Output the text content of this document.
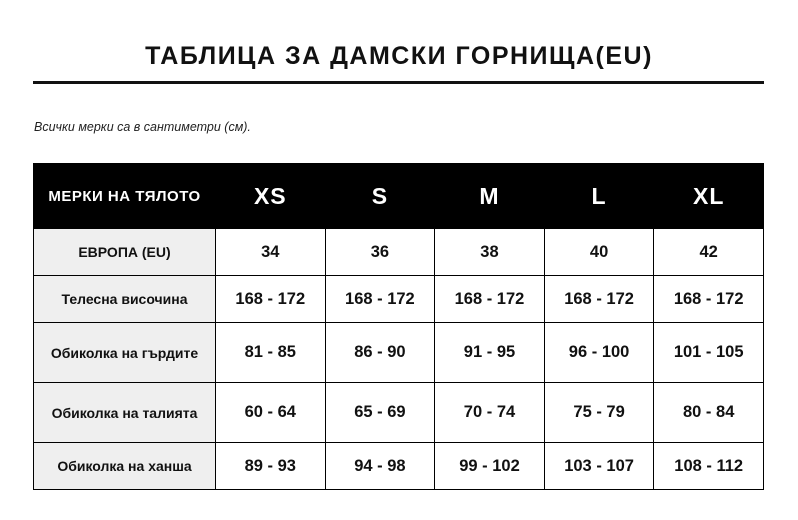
ТАБЛИЦА ЗА ДАМСКИ ГОРНИЩА(EU)
Всички мерки са в сантиметри (см).
МЕРКИ НА ТЯЛОТО	XS	S	M	L	XL
ЕВРОПА (EU)	34	36	38	40	42
Телесна височина	168 - 172	168 - 172	168 - 172	168 - 172	168 - 172
Обиколка на гърдите	81 - 85	86 - 90	91 - 95	96 - 100	101 - 105
Обиколка на талията	60 - 64	65 - 69	70 - 74	75 - 79	80 - 84
Обиколка на ханша	89 - 93	94 - 98	99 - 102	103 - 107	108 - 112
